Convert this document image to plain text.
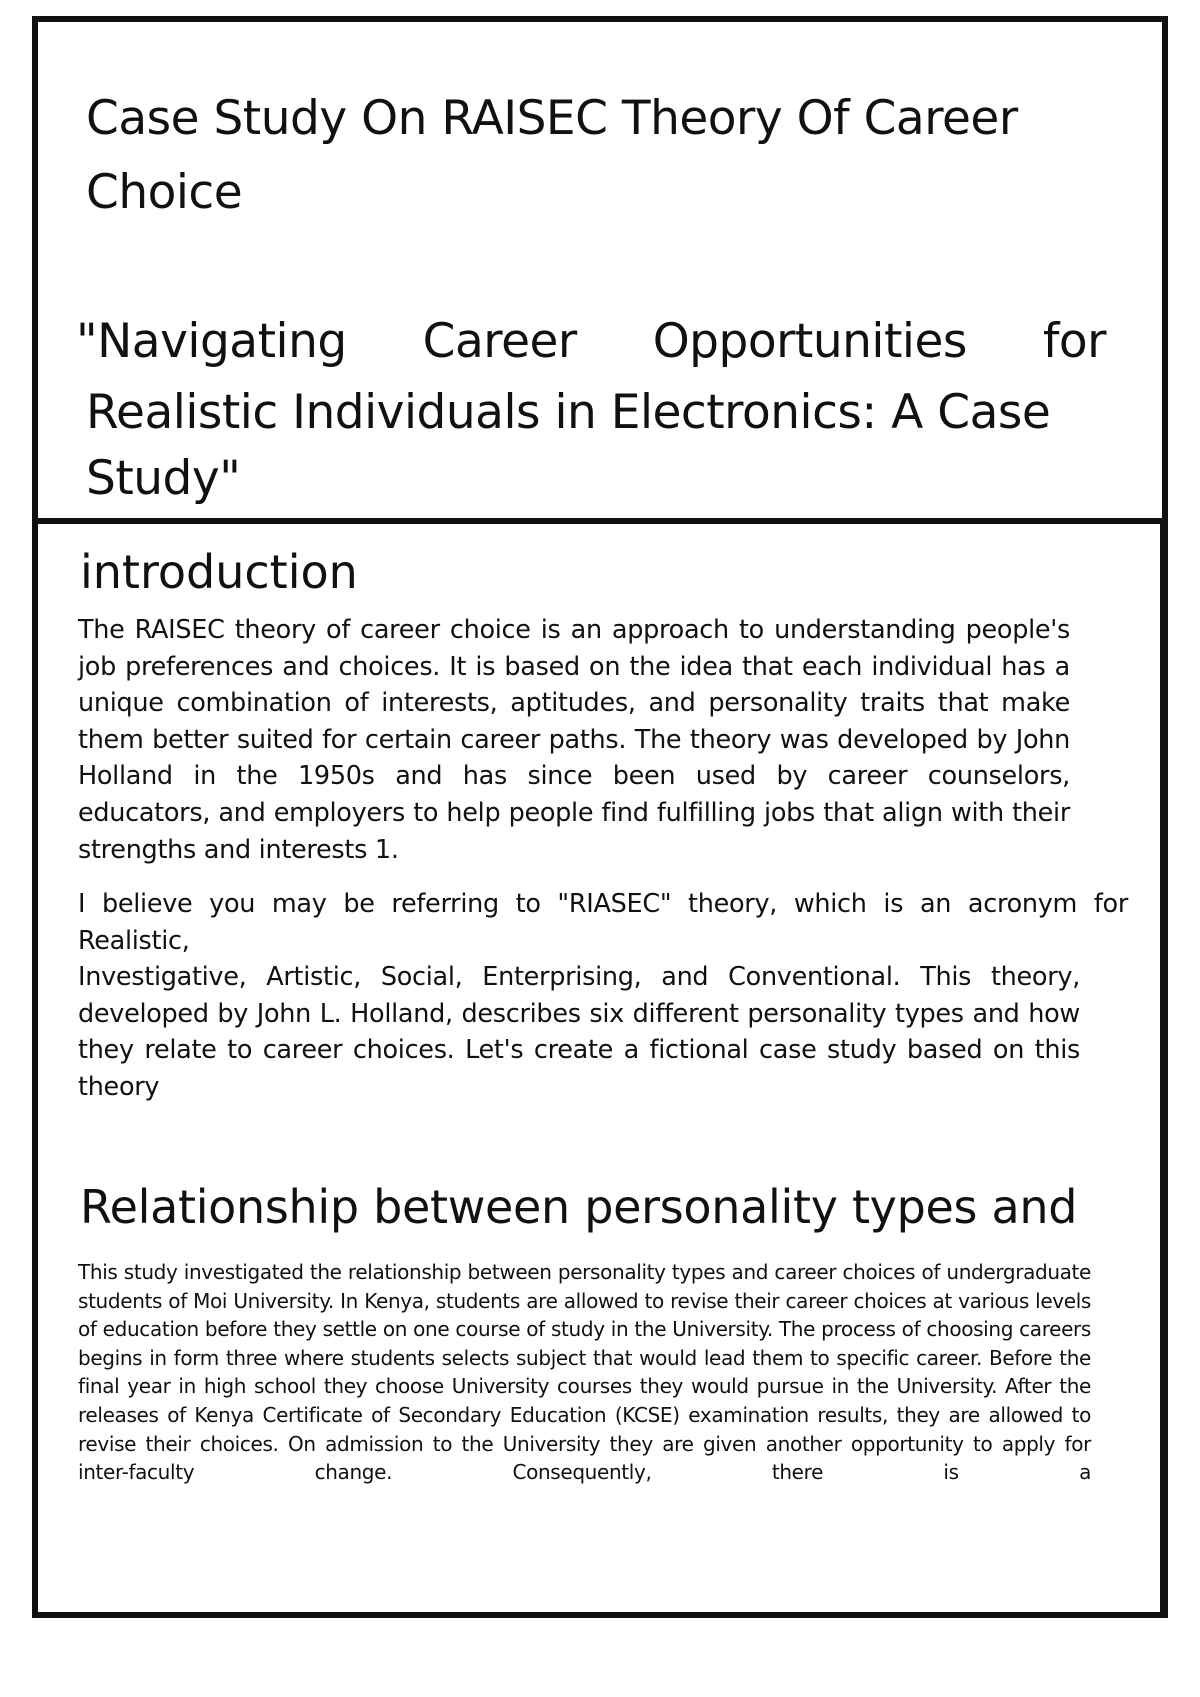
Case Study On RAISEC Theory Of Career Choice
"Navigating Career Opportunities for
Realistic Individuals in Electronics: A Case Study"
introduction

The RAISEC theory of career choice is an approach to understanding people's job preferences and choices. It is based on the idea that each individual has a unique combination of interests, aptitudes, and personality traits that make them better suited for certain career paths. The theory was developed by John Holland in the 1950s and has since been used by career counselors, educators, and employers to help people find fulfilling jobs that align with their strengths and interests 1.

I believe you may be referring to "RIASEC" theory, which is an acronym for Realistic,

Investigative, Artistic, Social, Enterprising, and Conventional. This theory, developed by John L. Holland, describes six different personality types and how they relate to career choices. Let's create a fictional case study based on this theory

Relationship between personality types and

This study investigated the relationship between personality types and career choices of undergraduate students of Moi University. In Kenya, students are allowed to revise their career choices at various levels of education before they settle on one course of study in the University. The process of choosing careers begins in form three where students selects subject that would lead them to specific career. Before the final year in high school they choose University courses they would pursue in the University. After the releases of Kenya Certificate of Secondary Education (KCSE) examination results, they are allowed to revise their choices. On admission to the University they are given another opportunity to apply for inter-faculty change. Consequently, there is a
